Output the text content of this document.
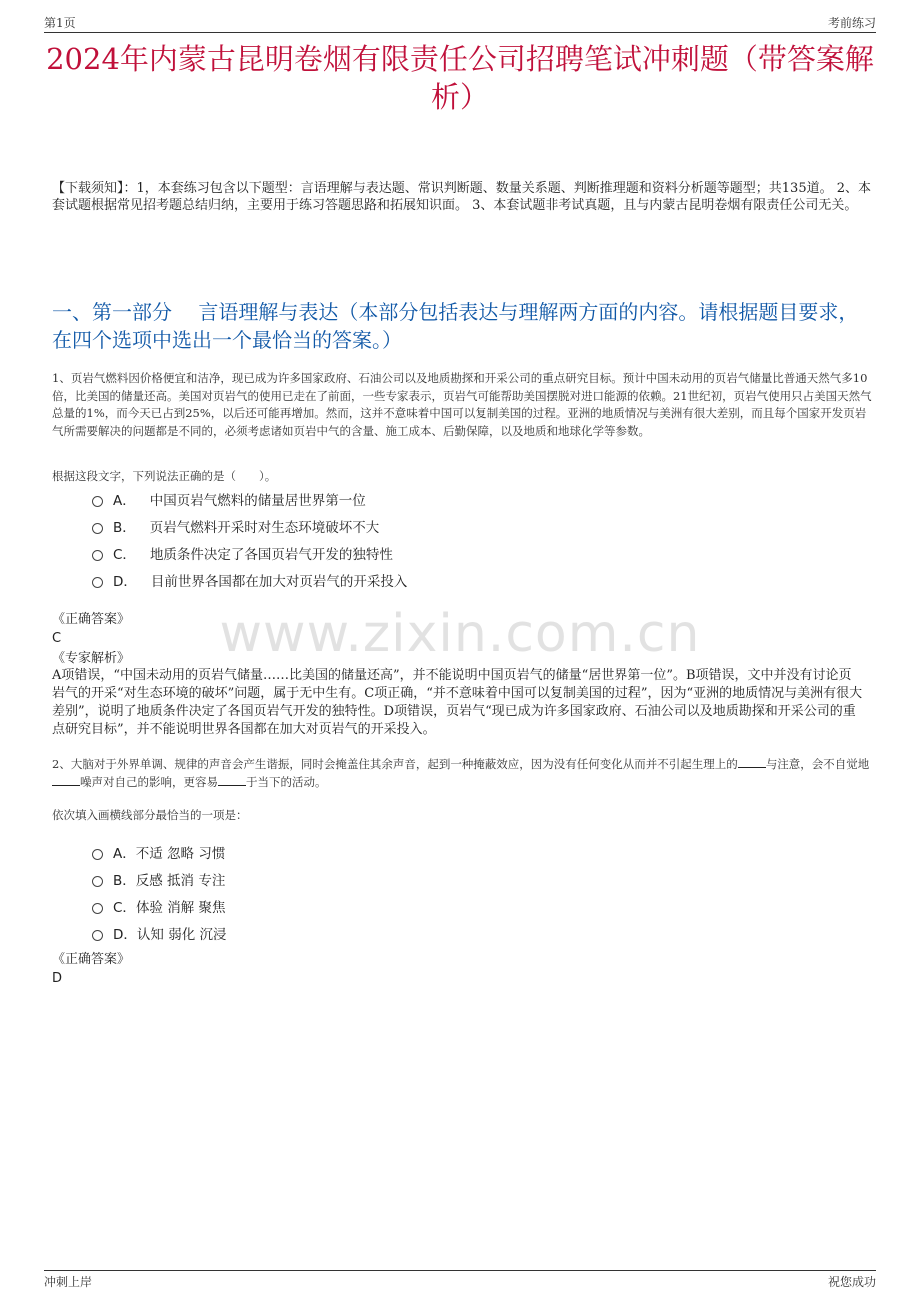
第1页	考前练习
2024年内蒙古昆明卷烟有限责任公司招聘笔试冲刺题（带答案解析）
【下载须知】：1，本套练习包含以下题型：言语理解与表达题、常识判断题、数量关系题、判断推理题和资料分析题等题型；共135道。 2、本套试题根据常见招考题总结归纳，主要用于练习答题思路和拓展知识面。 3、本套试题非考试真题，且与内蒙古昆明卷烟有限责任公司无关。
一、第一部分　 言语理解与表达（本部分包括表达与理解两方面的内容。请根据题目要求，在四个选项中选出一个最恰当的答案。）
1、页岩气燃料因价格便宜和洁净，现已成为许多国家政府、石油公司以及地质勘探和开采公司的重点研究目标。预计中国未动用的页岩气储量比普通天然气多10倍，比美国的储量还高。美国对页岩气的使用已走在了前面，一些专家表示，页岩气可能帮助美国摆脱对进口能源的依赖。21世纪初，页岩气使用只占美国天然气总量的1%，而今天已占到25%，以后还可能再增加。然而，这并不意味着中国可以复制美国的过程。亚洲的地质情况与美洲有很大差别，而且每个国家开发页岩气所需要解决的问题都是不同的，必须考虑诸如页岩中气的含量、施工成本、后勤保障，以及地质和地球化学等参数。
根据这段文字，下列说法正确的是（　　）。
A． 中国页岩气燃料的储量居世界第一位
B． 页岩气燃料开采时对生态环境破坏不大
C． 地质条件决定了各国页岩气开发的独特性
D． 目前世界各国都在加大对页岩气的开采投入
www.zixin.com.cn
《正确答案》
C
《专家解析》
A项错误，“中国未动用的页岩气储量……比美国的储量还高”，并不能说明中国页岩气的储量“居世界第一位”。B项错误，文中并没有讨论页岩气的开采“对生态环境的破坏”问题，属于无中生有。C项正确，“并不意味着中国可以复制美国的过程”，因为“亚洲的地质情况与美洲有很大差别”，说明了地质条件决定了各国页岩气开发的独特性。D项错误，页岩气“现已成为许多国家政府、石油公司以及地质勘探和开采公司的重点研究目标”，并不能说明世界各国都在加大对页岩气的开采投入。
2、大脑对于外界单调、规律的声音会产生谐振，同时会掩盖住其余声音，起到一种掩蔽效应，因为没有任何变化从而并不引起生理上的 与注意，会不自觉地噪声对自己的影响，更容易 于当下的活动。
依次填入画横线部分最恰当的一项是：
A． 不适 忽略 习惯
B． 反感 抵消 专注
C． 体验 消解 聚焦
D． 认知 弱化 沉浸
《正确答案》
D
冲刺上岸	祝您成功
